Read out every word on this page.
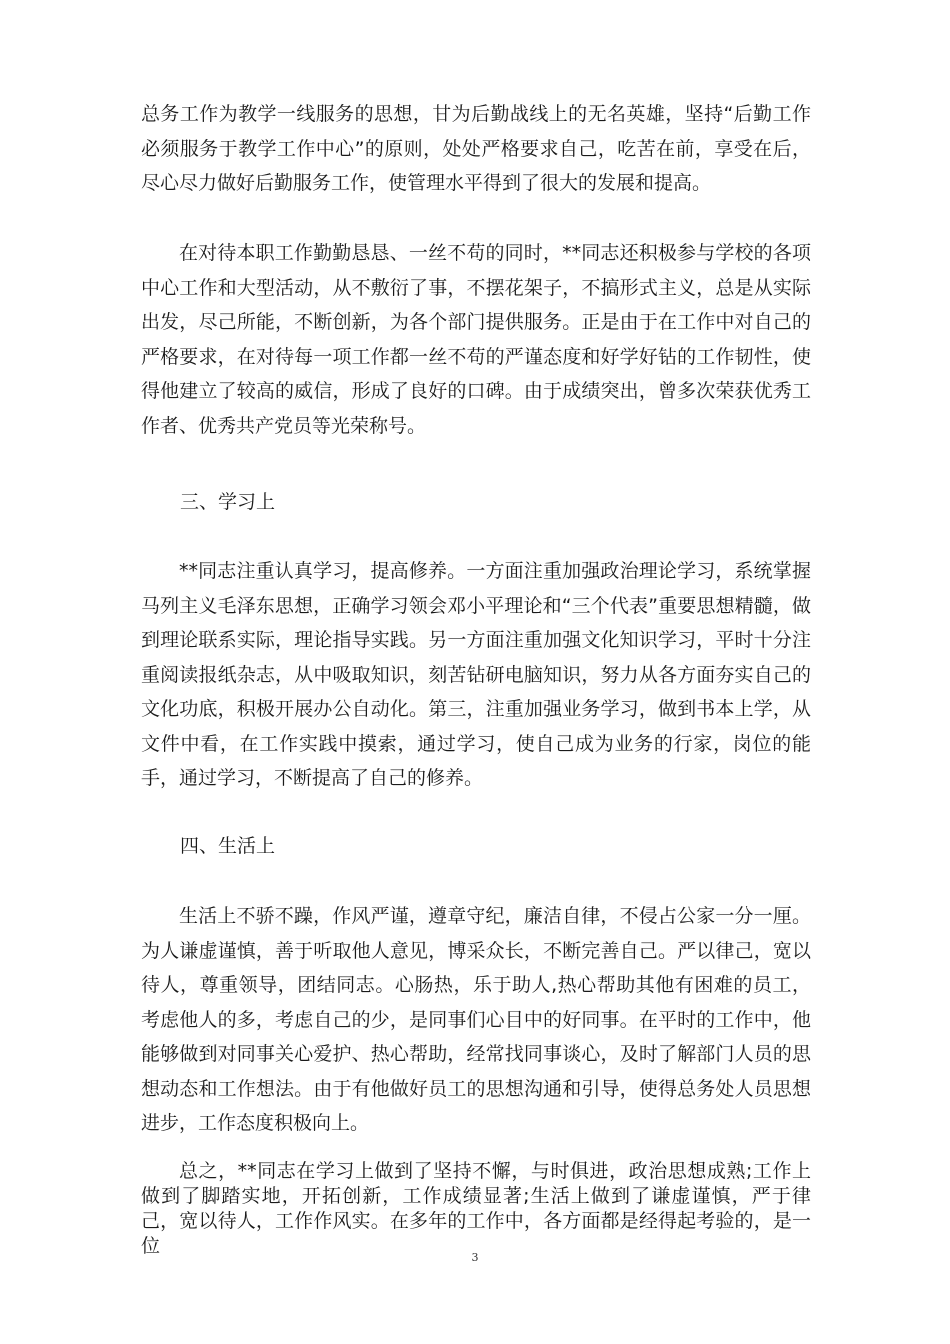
总务工作为教学一线服务的思想，甘为后勤战线上的无名英雄，坚持“后勤工作必须服务于教学工作中心”的原则，处处严格要求自己，吃苦在前，享受在后，尽心尽力做好后勤服务工作，使管理水平得到了很大的发展和提高。

在对待本职工作勤勤恳恳、一丝不苟的同时，**同志还积极参与学校的各项中心工作和大型活动，从不敷衍了事，不摆花架子，不搞形式主义，总是从实际出发，尽己所能，不断创新，为各个部门提供服务。正是由于在工作中对自己的严格要求，在对待每一项工作都一丝不苟的严谨态度和好学好钻的工作韧性，使得他建立了较高的威信，形成了良好的口碑。由于成绩突出，曾多次荣获优秀工作者、优秀共产党员等光荣称号。

三、学习上

**同志注重认真学习，提高修养。一方面注重加强政治理论学习，系统掌握马列主义毛泽东思想，正确学习领会邓小平理论和“三个代表”重要思想精髓，做到理论联系实际，理论指导实践。另一方面注重加强文化知识学习，平时十分注重阅读报纸杂志，从中吸取知识，刻苦钻研电脑知识，努力从各方面夯实自己的文化功底，积极开展办公自动化。第三，注重加强业务学习，做到书本上学，从文件中看，在工作实践中摸索，通过学习，使自己成为业务的行家，岗位的能手，通过学习，不断提高了自己的修养。

四、生活上

生活上不骄不躁，作风严谨，遵章守纪，廉洁自律，不侵占公家一分一厘。为人谦虚谨慎，善于听取他人意见，博采众长，不断完善自己。严以律己，宽以待人，尊重领导，团结同志。心肠热，乐于助人,热心帮助其他有困难的员工，考虑他人的多，考虑自己的少，是同事们心目中的好同事。在平时的工作中，他能够做到对同事关心爱护、热心帮助，经常找同事谈心，及时了解部门人员的思想动态和工作想法。由于有他做好员工的思想沟通和引导，使得总务处人员思想进步，工作态度积极向上。

总之，**同志在学习上做到了坚持不懈，与时俱进，政治思想成熟;工作上做到了脚踏实地，开拓创新，工作成绩显著;生活上做到了谦虚谨慎，严于律己，宽以待人，工作作风实。在多年的工作中，各方面都是经得起考验的，是一位

3
